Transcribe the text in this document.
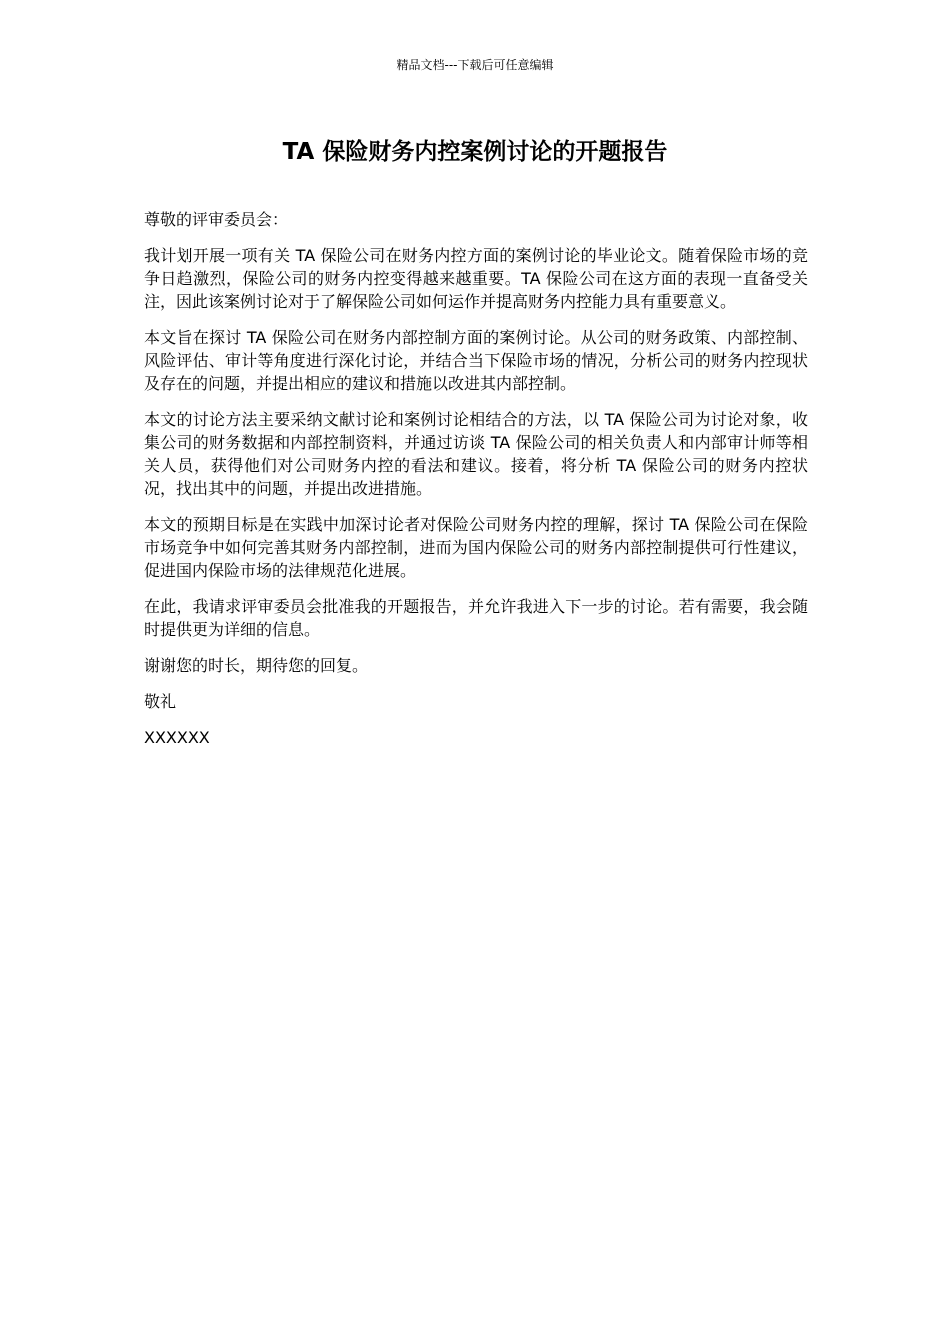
精品文档---下载后可任意编辑
TA 保险财务内控案例讨论的开题报告

尊敬的评审委员会：

我计划开展一项有关 TA 保险公司在财务内控方面的案例讨论的毕业论文。随着保险市场的竞争日趋激烈，保险公司的财务内控变得越来越重要。TA 保险公司在这方面的表现一直备受关注，因此该案例讨论对于了解保险公司如何运作并提高财务内控能力具有重要意义。

本文旨在探讨 TA 保险公司在财务内部控制方面的案例讨论。从公司的财务政策、内部控制、风险评估、审计等角度进行深化讨论，并结合当下保险市场的情况，分析公司的财务内控现状及存在的问题，并提出相应的建议和措施以改进其内部控制。

本文的讨论方法主要采纳文献讨论和案例讨论相结合的方法，以 TA 保险公司为讨论对象，收集公司的财务数据和内部控制资料，并通过访谈 TA 保险公司的相关负责人和内部审计师等相关人员，获得他们对公司财务内控的看法和建议。接着，将分析 TA 保险公司的财务内控状况，找出其中的问题，并提出改进措施。

本文的预期目标是在实践中加深讨论者对保险公司财务内控的理解，探讨 TA 保险公司在保险市场竞争中如何完善其财务内部控制，进而为国内保险公司的财务内部控制提供可行性建议，促进国内保险市场的法律规范化进展。

在此，我请求评审委员会批准我的开题报告，并允许我进入下一步的讨论。若有需要，我会随时提供更为详细的信息。

谢谢您的时长，期待您的回复。

敬礼

XXXXXX
